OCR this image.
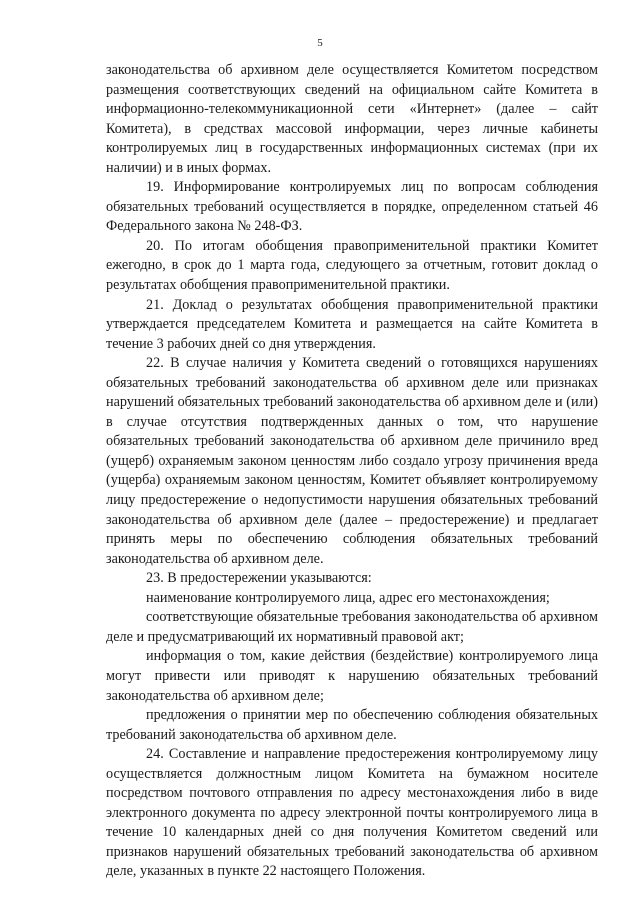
5

законодательства об архивном деле осуществляется Комитетом посредством размещения соответствующих сведений на официальном сайте Комитета в информационно-телекоммуникационной сети «Интернет» (далее – сайт Комитета), в средствах массовой информации, через личные кабинеты контролируемых лиц в государственных информационных системах (при их наличии) и в иных формах.

19. Информирование контролируемых лиц по вопросам соблюдения обязательных требований осуществляется в порядке, определенном статьей 46 Федерального закона № 248-ФЗ.

20. По итогам обобщения правоприменительной практики Комитет ежегодно, в срок до 1 марта года, следующего за отчетным, готовит доклад о результатах обобщения правоприменительной практики.

21. Доклад о результатах обобщения правоприменительной практики утверждается председателем Комитета и размещается на сайте Комитета в течение 3 рабочих дней со дня утверждения.

22. В случае наличия у Комитета сведений о готовящихся нарушениях обязательных требований законодательства об архивном деле или признаках нарушений обязательных требований законодательства об архивном деле и (или) в случае отсутствия подтвержденных данных о том, что нарушение обязательных требований законодательства об архивном деле причинило вред (ущерб) охраняемым законом ценностям либо создало угрозу причинения вреда (ущерба) охраняемым законом ценностям, Комитет объявляет контролируемому лицу предостережение о недопустимости нарушения обязательных требований законодательства об архивном деле (далее – предостережение) и предлагает принять меры по обеспечению соблюдения обязательных требований законодательства об архивном деле.

23. В предостережении указываются:

наименование контролируемого лица, адрес его местонахождения;

соответствующие обязательные требования законодательства об архивном деле и предусматривающий их нормативный правовой акт;

информация о том, какие действия (бездействие) контролируемого лица могут привести или приводят к нарушению обязательных требований законодательства об архивном деле;

предложения о принятии мер по обеспечению соблюдения обязательных требований законодательства об архивном деле.

24. Составление и направление предостережения контролируемому лицу осуществляется должностным лицом Комитета на бумажном носителе посредством почтового отправления по адресу местонахождения либо в виде электронного документа по адресу электронной почты контролируемого лица в течение 10 календарных дней со дня получения Комитетом сведений или признаков нарушений обязательных требований законодательства об архивном деле, указанных в пункте 22 настоящего Положения.
